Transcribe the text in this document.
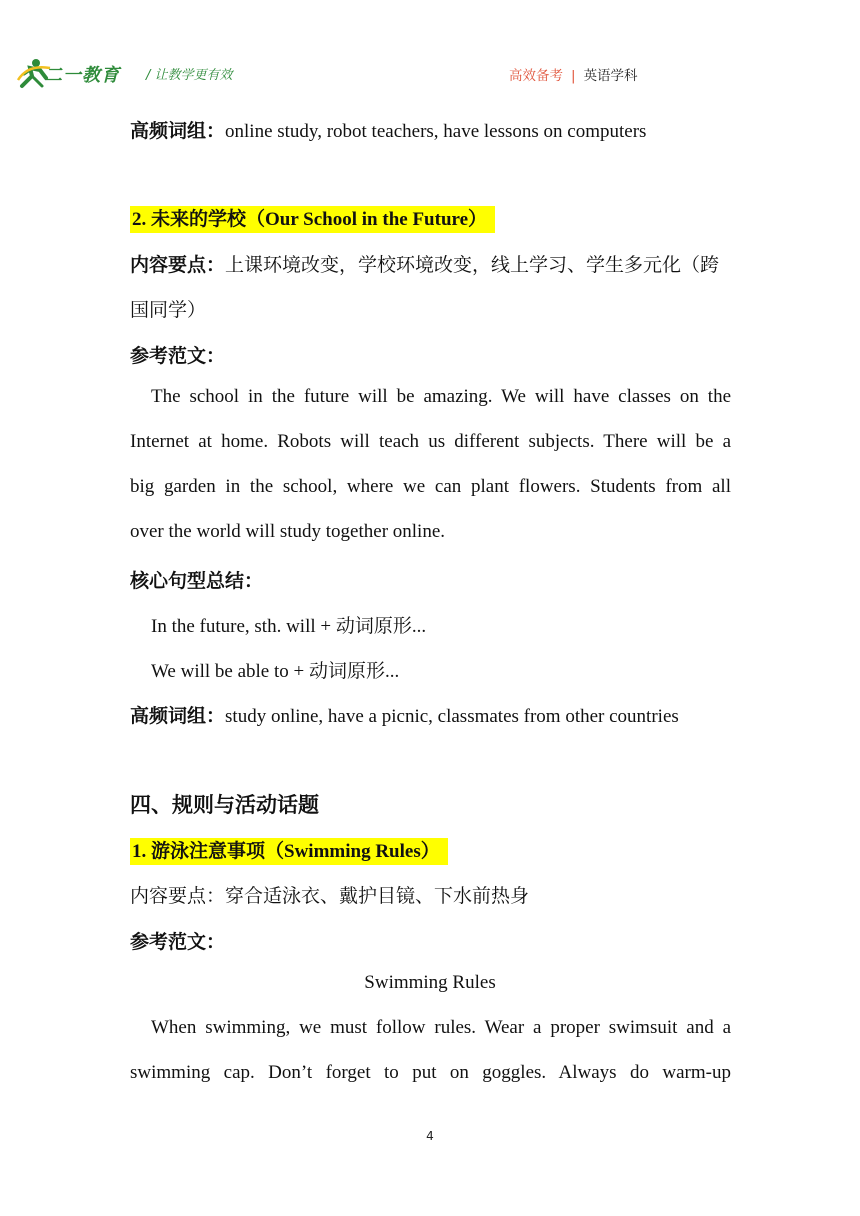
二一教育 / 让教学更有效	高效备考 | 英语学科
高频词组：online study, robot teachers, have lessons on computers
2. 未来的学校（Our School in the Future）
内容要点：上课环境改变，学校环境改变，线上学习、学生多元化（跨
国同学）
参考范文：
The school in the future will be amazing. We will have classes on the
Internet at home. Robots will teach us different subjects. There will be a
big garden in the school, where we can plant flowers. Students from all
over the world will study together online.
核心句型总结：
In the future, sth. will + 动词原形...
We will be able to + 动词原形...
高频词组：study online, have a picnic, classmates from other countries
四、规则与活动话题
1. 游泳注意事项（Swimming Rules）
内容要点：穿合适泳衣、戴护目镜、下水前热身
参考范文：
Swimming Rules
When swimming, we must follow rules. Wear a proper swimsuit and a
swimming cap. Don’t forget to put on goggles. Always do warm-up
4
